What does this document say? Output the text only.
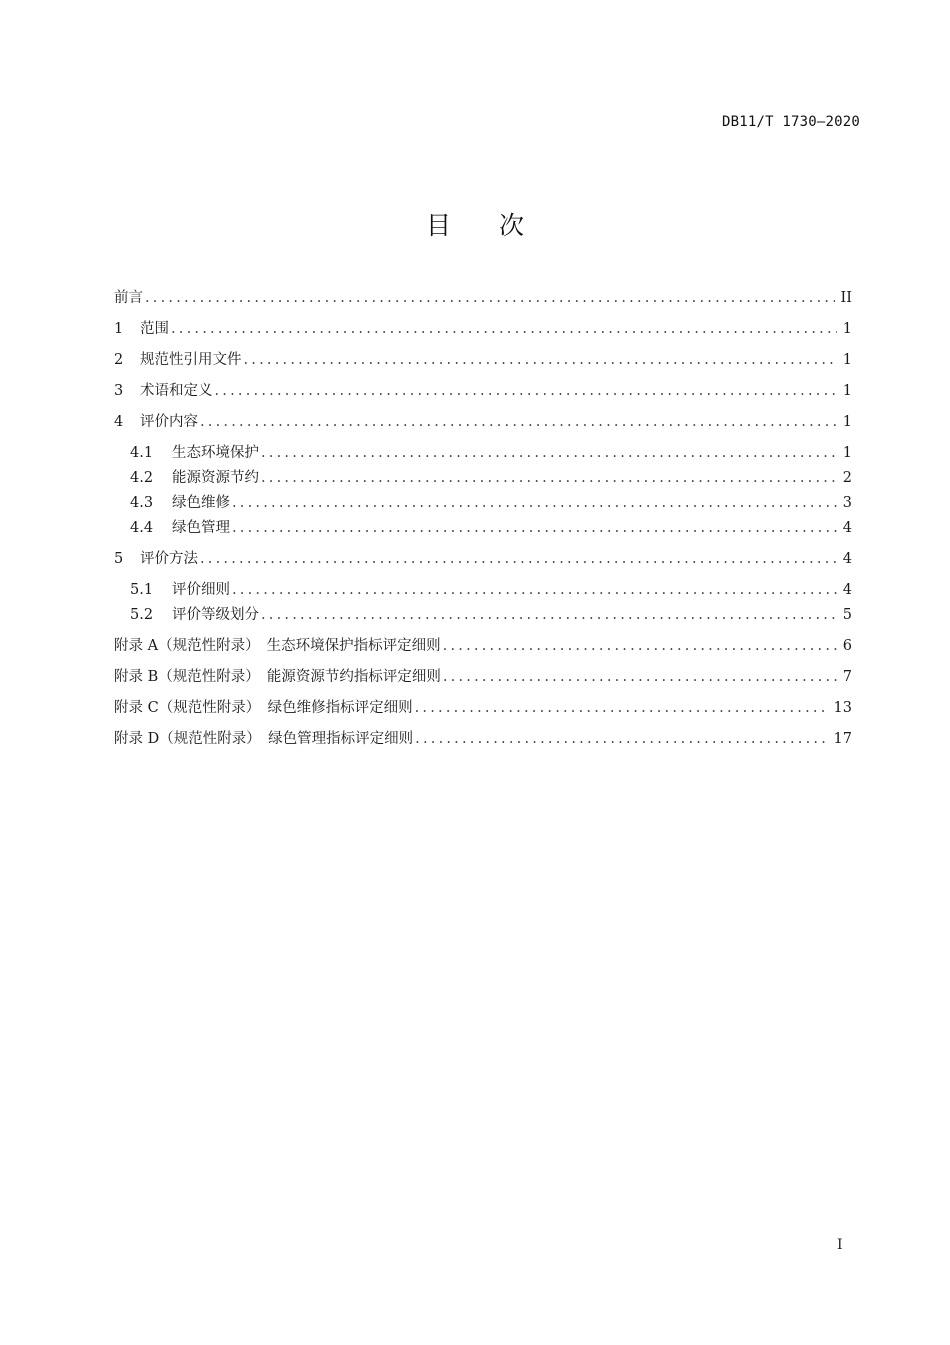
DB11/T 1730—2020
目次
前言 .....	II
1	范围 .....	1
2	规范性引用文件 .....	1
3	术语和定义 .....	1
4	评价内容 .....	1
4.1	生态环境保护 .....	1
4.2	能源资源节约 .....	2
4.3	绿色维修 .....	3
4.4	绿色管理 .....	4
5	评价方法 .....	4
5.1	评价细则 .....	4
5.2	评价等级划分 .....	5
附录 A（规范性附录） 生态环境保护指标评定细则 .....	6
附录 B（规范性附录） 能源资源节约指标评定细则 .....	7
附录 C（规范性附录） 绿色维修指标评定细则 .....	13
附录 D（规范性附录） 绿色管理指标评定细则 .....	17
I
